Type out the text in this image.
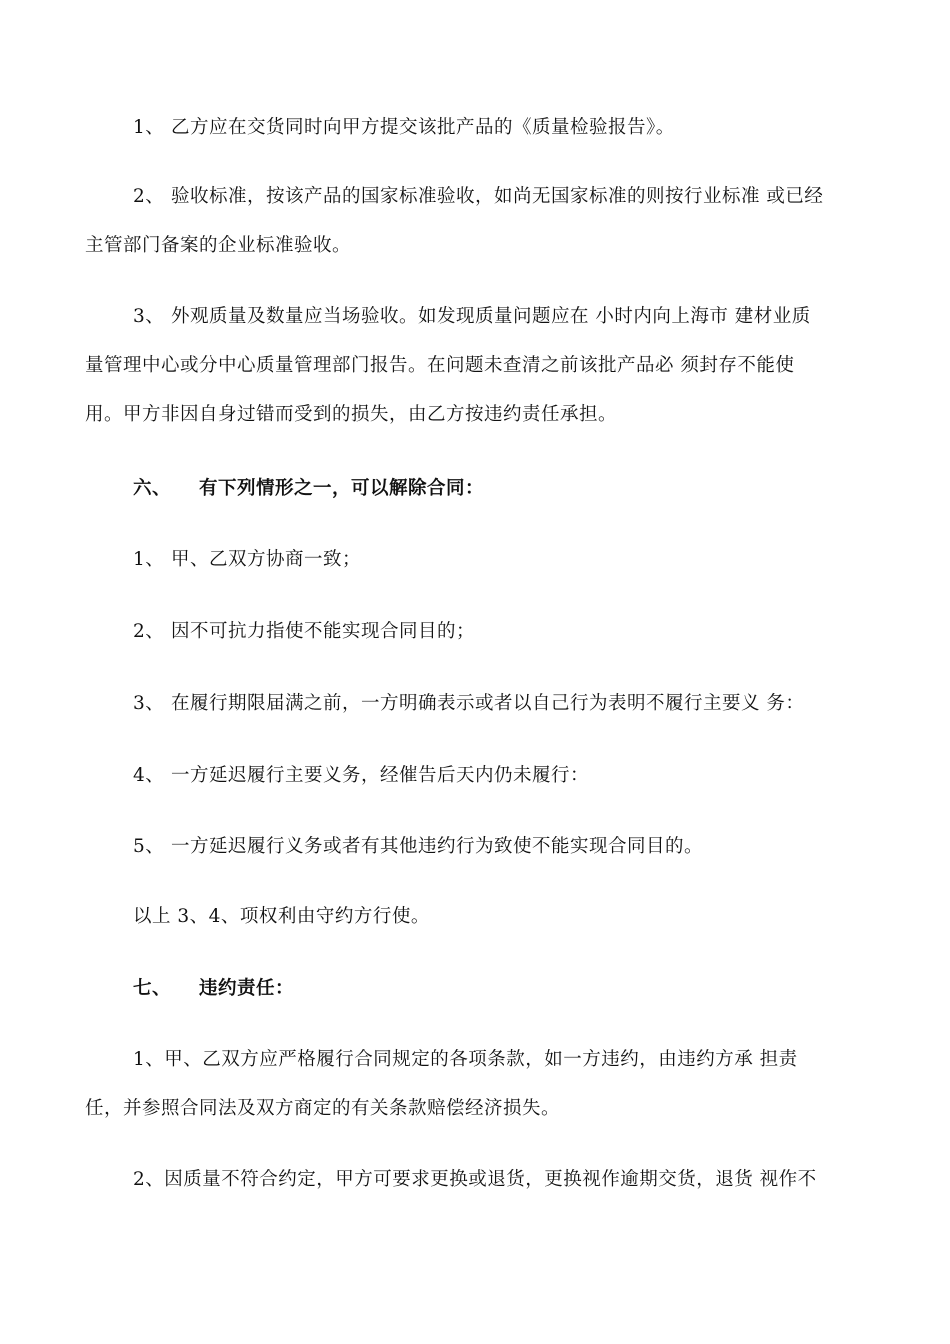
1、 乙方应在交货同时向甲方提交该批产品的《质量检验报告》。
2、 验收标准，按该产品的国家标准验收，如尚无国家标准的则按行业标准 或已经
主管部门备案的企业标准验收。
3、 外观质量及数量应当场验收。如发现质量问题应在 小时内向上海市 建材业质
量管理中心或分中心质量管理部门报告。在问题未查清之前该批产品必 须封存不能使
用。甲方非因自身过错而受到的损失，由乙方按违约责任承担。
六、 有下列情形之一，可以解除合同：
1、 甲、乙双方协商一致；
2、 因不可抗力指使不能实现合同目的；
3、 在履行期限届满之前，一方明确表示或者以自己行为表明不履行主要义 务：
4、 一方延迟履行主要义务，经催告后天内仍未履行：
5、 一方延迟履行义务或者有其他违约行为致使不能实现合同目的。
以上 3、4、项权利由守约方行使。
七、 违约责任：
1、甲、乙双方应严格履行合同规定的各项条款，如一方违约，由违约方承 担责
任，并参照合同法及双方商定的有关条款赔偿经济损失。
2、因质量不符合约定，甲方可要求更换或退货，更换视作逾期交货，退货 视作不
